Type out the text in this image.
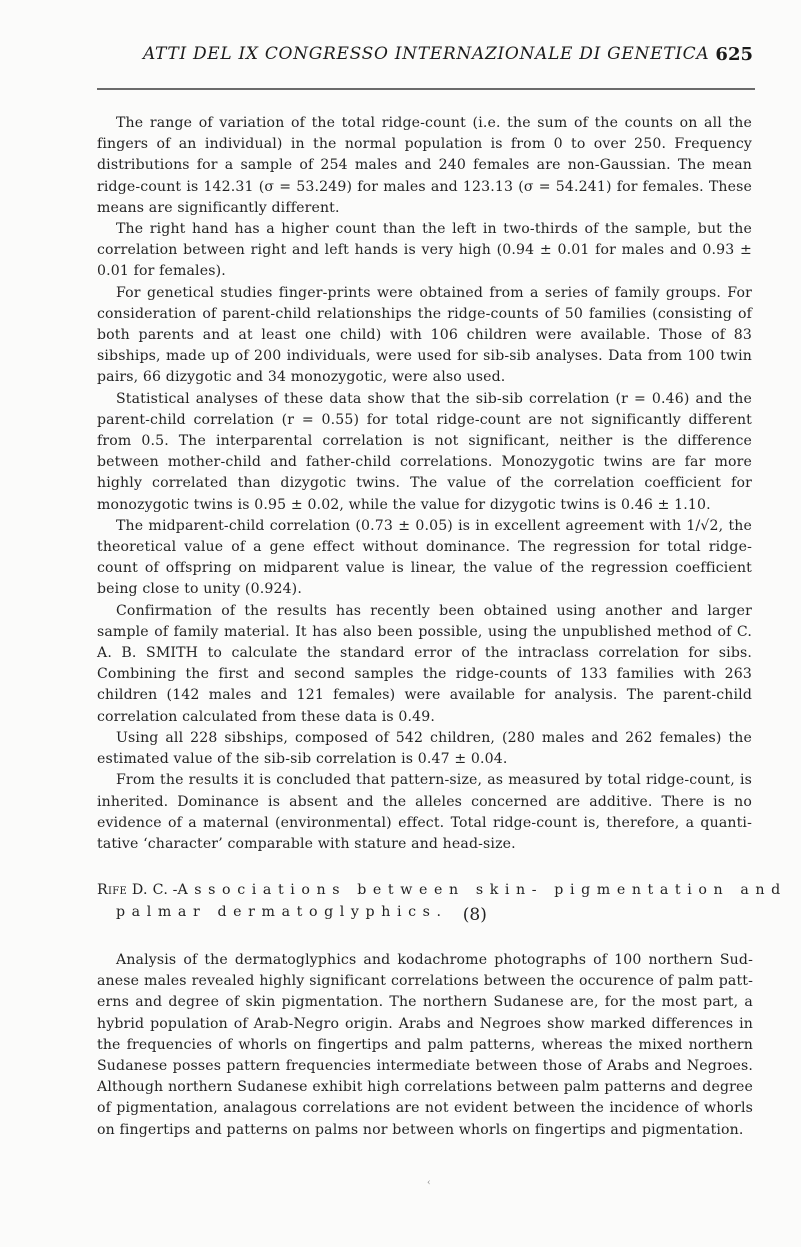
ATTI DEL IX CONGRESSO INTERNAZIONALE DI GENETICA 625

The range of variation of the total ridge-count (i.e. the sum of the counts on all the fingers of an individual) in the normal population is from 0 to over 250. Frequency distributions for a sample of 254 males and 240 females are non-Gaussian. The mean ridge-count is 142.31 (σ = 53.249) for males and 123.13 (σ = 54.241) for females. These means are significantly different.

The right hand has a higher count than the left in two-thirds of the sample, but the correlation between right and left hands is very high (0.94 ± 0.01 for males and 0.93 ± 0.01 for females).

For genetical studies finger-prints were obtained from a series of family groups. For consideration of parent-child relationships the ridge-counts of 50 families (consisting of both parents and at least one child) with 106 children were available. Those of 83 sibships, made up of 200 individuals, were used for sib-sib analyses. Data from 100 twin pairs, 66 dizygotic and 34 monozygotic, were also used.

Statistical analyses of these data show that the sib-sib correlation (r = 0.46) and the parent-child correlation (r = 0.55) for total ridge-count are not significantly different from 0.5. The interparental correlation is not significant, neither is the difference between mother-child and father-child correlations. Monozygotic twins are far more highly correlated than dizygotic twins. The value of the correlation coefficient for monozygotic twins is 0.95 ± 0.02, while the value for dizygotic twins is 0.46 ± 1.10.

The midparent-child correlation (0.73 ± 0.05) is in excellent agreement with 1/√2, the theoretical value of a gene effect without dominance. The regression for total ridge-count of offspring on midparent value is linear, the value of the regression coefficient being close to unity (0.924).

Confirmation of the results has recently been obtained using another and larger sample of family material. It has also been possible, using the unpublished method of C. A. B. SMITH to calculate the standard error of the intraclass correlation for sibs. Combining the first and second samples the ridge-counts of 133 families with 263 children (142 males and 121 females) were available for analysis. The parent-child correlation calculated from these data is 0.49.

Using all 228 sibships, composed of 542 children, (280 males and 262 females) the estimated value of the sib-sib correlation is 0.47 ± 0.04.

From the results it is concluded that pattern-size, as measured by total ridge-count, is inherited. Dominance is absent and the alleles concerned are additive. There is no evidence of a maternal (environmental) effect. Total ridge-count is, therefore, a quanti-tative ‘character’ comparable with stature and head-size.

Rife D. C. - Associations between skin- pigmentation and
palmar dermatoglyphics. (8)

Analysis of the dermatoglyphics and kodachrome photographs of 100 northern Sud-anese males revealed highly significant correlations between the occurence of palm patt-erns and degree of skin pigmentation. The northern Sudanese are, for the most part, a hybrid population of Arab-Negro origin. Arabs and Negroes show marked differences in the frequencies of whorls on fingertips and palm patterns, whereas the mixed northern Sudanese posses pattern frequencies intermediate between those of Arabs and Negroes. Although northern Sudanese exhibit high correlations between palm patterns and degree of pigmentation, analagous correlations are not evident between the incidence of whorls on fingertips and patterns on palms nor between whorls on fingertips and pigmentation.

‹
